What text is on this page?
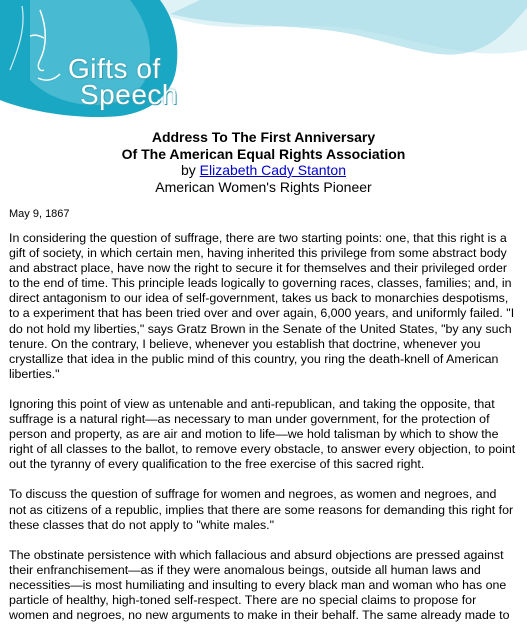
Gifts of

Speech
Address To The First Anniversary
Of The American Equal Rights Association
by Elizabeth Cady Stanton
American Women's Rights Pioneer
May 9, 1867

In considering the question of suffrage, there are two starting points: one, that this right is a gift of society, in which certain men, having inherited this privilege from some abstract body and abstract place, have now the right to secure it for themselves and their privileged order to the end of time. This principle leads logically to governing races, classes, families; and, in direct antagonism to our idea of self-government, takes us back to monarchies despotisms, to a experiment that has been tried over and over again, 6,000 years, and uniformly failed. "I do not hold my liberties," says Gratz Brown in the Senate of the United States, "by any such tenure. On the contrary, I believe, whenever you establish that doctrine, whenever you crystallize that idea in the public mind of this country, you ring the death-knell of American liberties."

Ignoring this point of view as untenable and anti-republican, and taking the opposite, that suffrage is a natural right—as necessary to man under government, for the protection of person and property, as are air and motion to life—we hold talisman by which to show the right of all classes to the ballot, to remove every obstacle, to answer every objection, to point out the tyranny of every qualification to the free exercise of this sacred right.

To discuss the question of suffrage for women and negroes, as women and negroes, and not as citizens of a republic, implies that there are some reasons for demanding this right for these classes that do not apply to "white males."

The obstinate persistence with which fallacious and absurd objections are pressed against their enfranchisement—as if they were anomalous beings, outside all human laws and necessities—is most humiliating and insulting to every black man and woman who has one particle of healthy, high-toned self-respect. There are no special claims to propose for women and negroes, no new arguments to make in their behalf. The same already made to
